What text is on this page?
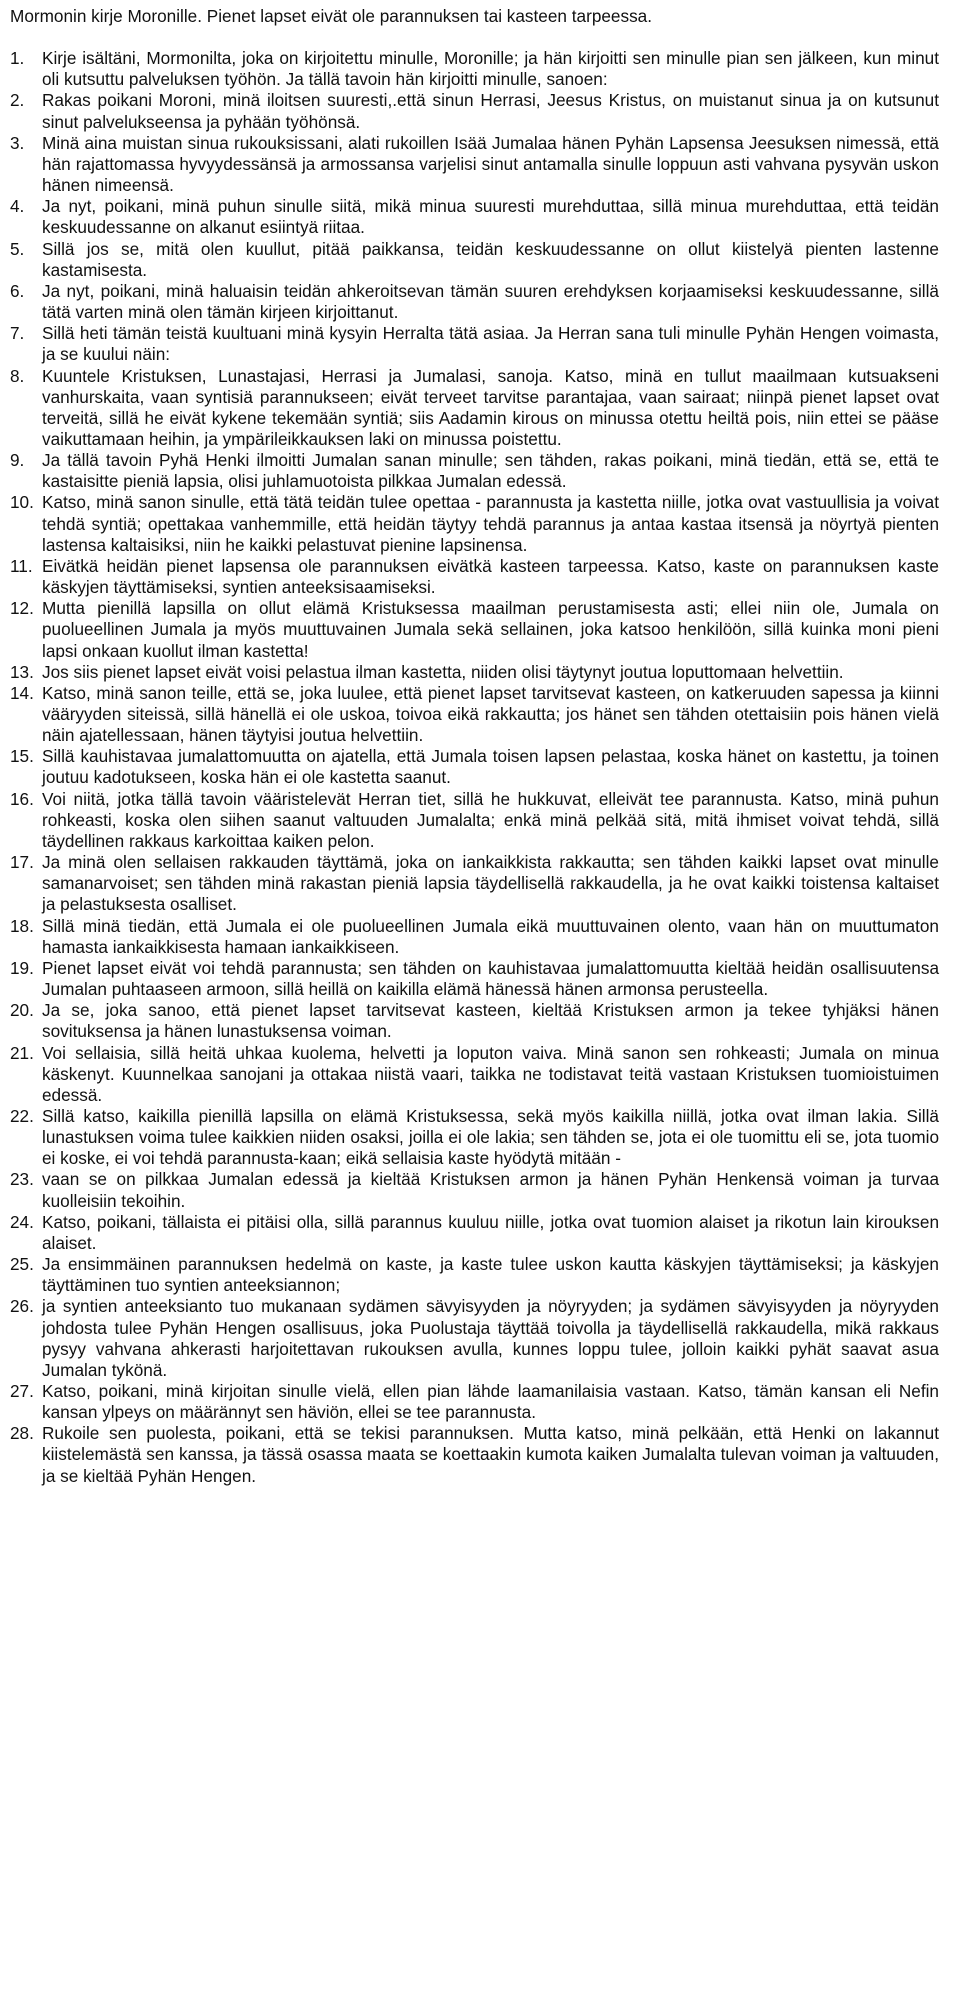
Mormonin kirje Moronille. Pienet lapset eivät ole parannuksen tai kasteen tarpeessa.
1.	Kirje isältäni, Mormonilta, joka on kirjoitettu minulle, Moronille; ja hän kirjoitti sen minulle pian sen jälkeen, kun minut oli kutsuttu palveluksen työhön. Ja tällä tavoin hän kirjoitti minulle, sanoen:
2.	Rakas poikani Moroni, minä iloitsen suuresti,.että sinun Herrasi, Jeesus Kristus, on muistanut sinua ja on kutsunut sinut palvelukseensa ja pyhään työhönsä.
3.	Minä aina muistan sinua rukouksissani, alati rukoillen Isää Jumalaa hänen Pyhän Lapsensa Jeesuksen nimessä, että hän rajattomassa hyvyydessänsä ja armossansa varjelisi sinut antamalla sinulle loppuun asti vahvana pysyvän uskon hänen nimeensä.
4.	Ja nyt, poikani, minä puhun sinulle siitä, mikä minua suuresti murehduttaa, sillä minua murehduttaa, että teidän keskuudessanne on alkanut esiintyä riitaa.
5.	Sillä jos se, mitä olen kuullut, pitää paikkansa, teidän keskuudessanne on ollut kiistelyä pienten lastenne kastamisesta.
6.	Ja nyt, poikani, minä haluaisin teidän ahkeroitsevan tämän suuren erehdyksen korjaamiseksi keskuudessanne, sillä tätä varten minä olen tämän kirjeen kirjoittanut.
7.	Sillä heti tämän teistä kuultuani minä kysyin Herralta tätä asiaa. Ja Herran sana tuli minulle Pyhän Hengen voimasta, ja se kuului näin:
8.	Kuuntele Kristuksen, Lunastajasi, Herrasi ja Jumalasi, sanoja. Katso, minä en tullut maailmaan kutsuakseni vanhurskaita, vaan syntisiä parannukseen; eivät terveet tarvitse parantajaa, vaan sairaat; niinpä pienet lapset ovat terveitä, sillä he eivät kykene tekemään syntiä; siis Aadamin kirous on minussa otettu heiltä pois, niin ettei se pääse vaikuttamaan heihin, ja ympärileikkauksen laki on minussa poistettu.
9.	Ja tällä tavoin Pyhä Henki ilmoitti Jumalan sanan minulle; sen tähden, rakas poikani, minä tiedän, että se, että te kastaisitte pieniä lapsia, olisi juhlamuotoista pilkkaa Jumalan edessä.
10. Katso, minä sanon sinulle, että tätä teidän tulee opettaa - parannusta ja kastetta niille, jotka ovat vastuullisia ja voivat tehdä syntiä; opettakaa vanhemmille, että heidän täytyy tehdä parannus ja antaa kastaa itsensä ja nöyrtyä pienten lastensa kaltaisiksi, niin he kaikki pelastuvat pienine lapsinensa.
11. Eivätkä heidän pienet lapsensa ole parannuksen eivätkä kasteen tarpeessa. Katso, kaste on parannuksen kaste käskyjen täyttämiseksi, syntien anteeksisaamiseksi.
12. Mutta pienillä lapsilla on ollut elämä Kristuksessa maailman perustamisesta asti; ellei niin ole, Jumala on puolueellinen Jumala ja myös muuttuvainen Jumala sekä sellainen, joka katsoo henkilöön, sillä kuinka moni pieni lapsi onkaan kuollut ilman kastetta!
13. Jos siis pienet lapset eivät voisi pelastua ilman kastetta, niiden olisi täytynyt joutua loputtomaan helvettiin.
14. Katso, minä sanon teille, että se, joka luulee, että pienet lapset tarvitsevat kasteen, on katkeruuden sapessa ja kiinni vääryyden siteissä, sillä hänellä ei ole uskoa, toivoa eikä rakkautta; jos hänet sen tähden otettaisiin pois hänen vielä näin ajatellessaan, hänen täytyisi joutua helvettiin.
15. Sillä kauhistavaa jumalattomuutta on ajatella, että Jumala toisen lapsen pelastaa, koska hänet on kastettu, ja toinen joutuu kadotukseen, koska hän ei ole kastetta saanut.
16. Voi niitä, jotka tällä tavoin vääristelevät Herran tiet, sillä he hukkuvat, elleivät tee parannusta. Katso, minä puhun rohkeasti, koska olen siihen saanut valtuuden Jumalalta; enkä minä pelkää sitä, mitä ihmiset voivat tehdä, sillä täydellinen rakkaus karkoittaa kaiken pelon.
17. Ja minä olen sellaisen rakkauden täyttämä, joka on iankaikkista rakkautta; sen tähden kaikki lapset ovat minulle samanarvoiset; sen tähden minä rakastan pieniä lapsia täydellisellä rakkaudella, ja he ovat kaikki toistensa kaltaiset ja pelastuksesta osalliset.
18. Sillä minä tiedän, että Jumala ei ole puolueellinen Jumala eikä muuttuvainen olento, vaan hän on muuttumaton hamasta iankaikkisesta hamaan iankaikkiseen.
19. Pienet lapset eivät voi tehdä parannusta; sen tähden on kauhistavaa jumalattomuutta kieltää heidän osallisuutensa Jumalan puhtaaseen armoon, sillä heillä on kaikilla elämä hänessä hänen armonsa perusteella.
20. Ja se, joka sanoo, että pienet lapset tarvitsevat kasteen, kieltää Kristuksen armon ja tekee tyhjäksi hänen sovituksensa ja hänen lunastuksensa voiman.
21. Voi sellaisia, sillä heitä uhkaa kuolema, helvetti ja loputon vaiva. Minä sanon sen rohkeasti; Jumala on minua käskenyt. Kuunnelkaa sanojani ja ottakaa niistä vaari, taikka ne todistavat teitä vastaan Kristuksen tuomioistuimen edessä.
22. Sillä katso, kaikilla pienillä lapsilla on elämä Kristuksessa, sekä myös kaikilla niillä, jotka ovat ilman lakia. Sillä lunastuksen voima tulee kaikkien niiden osaksi, joilla ei ole lakia; sen tähden se, jota ei ole tuomittu eli se, jota tuomio ei koske, ei voi tehdä parannusta-kaan; eikä sellaisia kaste hyödytä mitään -
23. vaan se on pilkkaa Jumalan edessä ja kieltää Kristuksen armon ja hänen Pyhän Henkensä voiman ja turvaa kuolleisiin tekoihin.
24. Katso, poikani, tällaista ei pitäisi olla, sillä parannus kuuluu niille, jotka ovat tuomion alaiset ja rikotun lain kirouksen alaiset.
25. Ja ensimmäinen parannuksen hedelmä on kaste, ja kaste tulee uskon kautta käskyjen täyttämiseksi; ja käskyjen täyttäminen tuo syntien anteeksiannon;
26. ja syntien anteeksianto tuo mukanaan sydämen sävyisyyden ja nöyryyden; ja sydämen sävyisyyden ja nöyryyden johdosta tulee Pyhän Hengen osallisuus, joka Puolustaja täyttää toivolla ja täydellisellä rakkaudella, mikä rakkaus pysyy vahvana ahkerasti harjoitettavan rukouksen avulla, kunnes loppu tulee, jolloin kaikki pyhät saavat asua Jumalan tykönä.
27. Katso, poikani, minä kirjoitan sinulle vielä, ellen pian lähde laamanilaisia vastaan. Katso, tämän kansan eli Nefin kansan ylpeys on määrännyt sen häviön, ellei se tee parannusta.
28. Rukoile sen puolesta, poikani, että se tekisi parannuksen. Mutta katso, minä pelkään, että Henki on lakannut kiistelemästä sen kanssa, ja tässä osassa maata se koettaakin kumota kaiken Jumalalta tulevan voiman ja valtuuden, ja se kieltää Pyhän Hengen.
